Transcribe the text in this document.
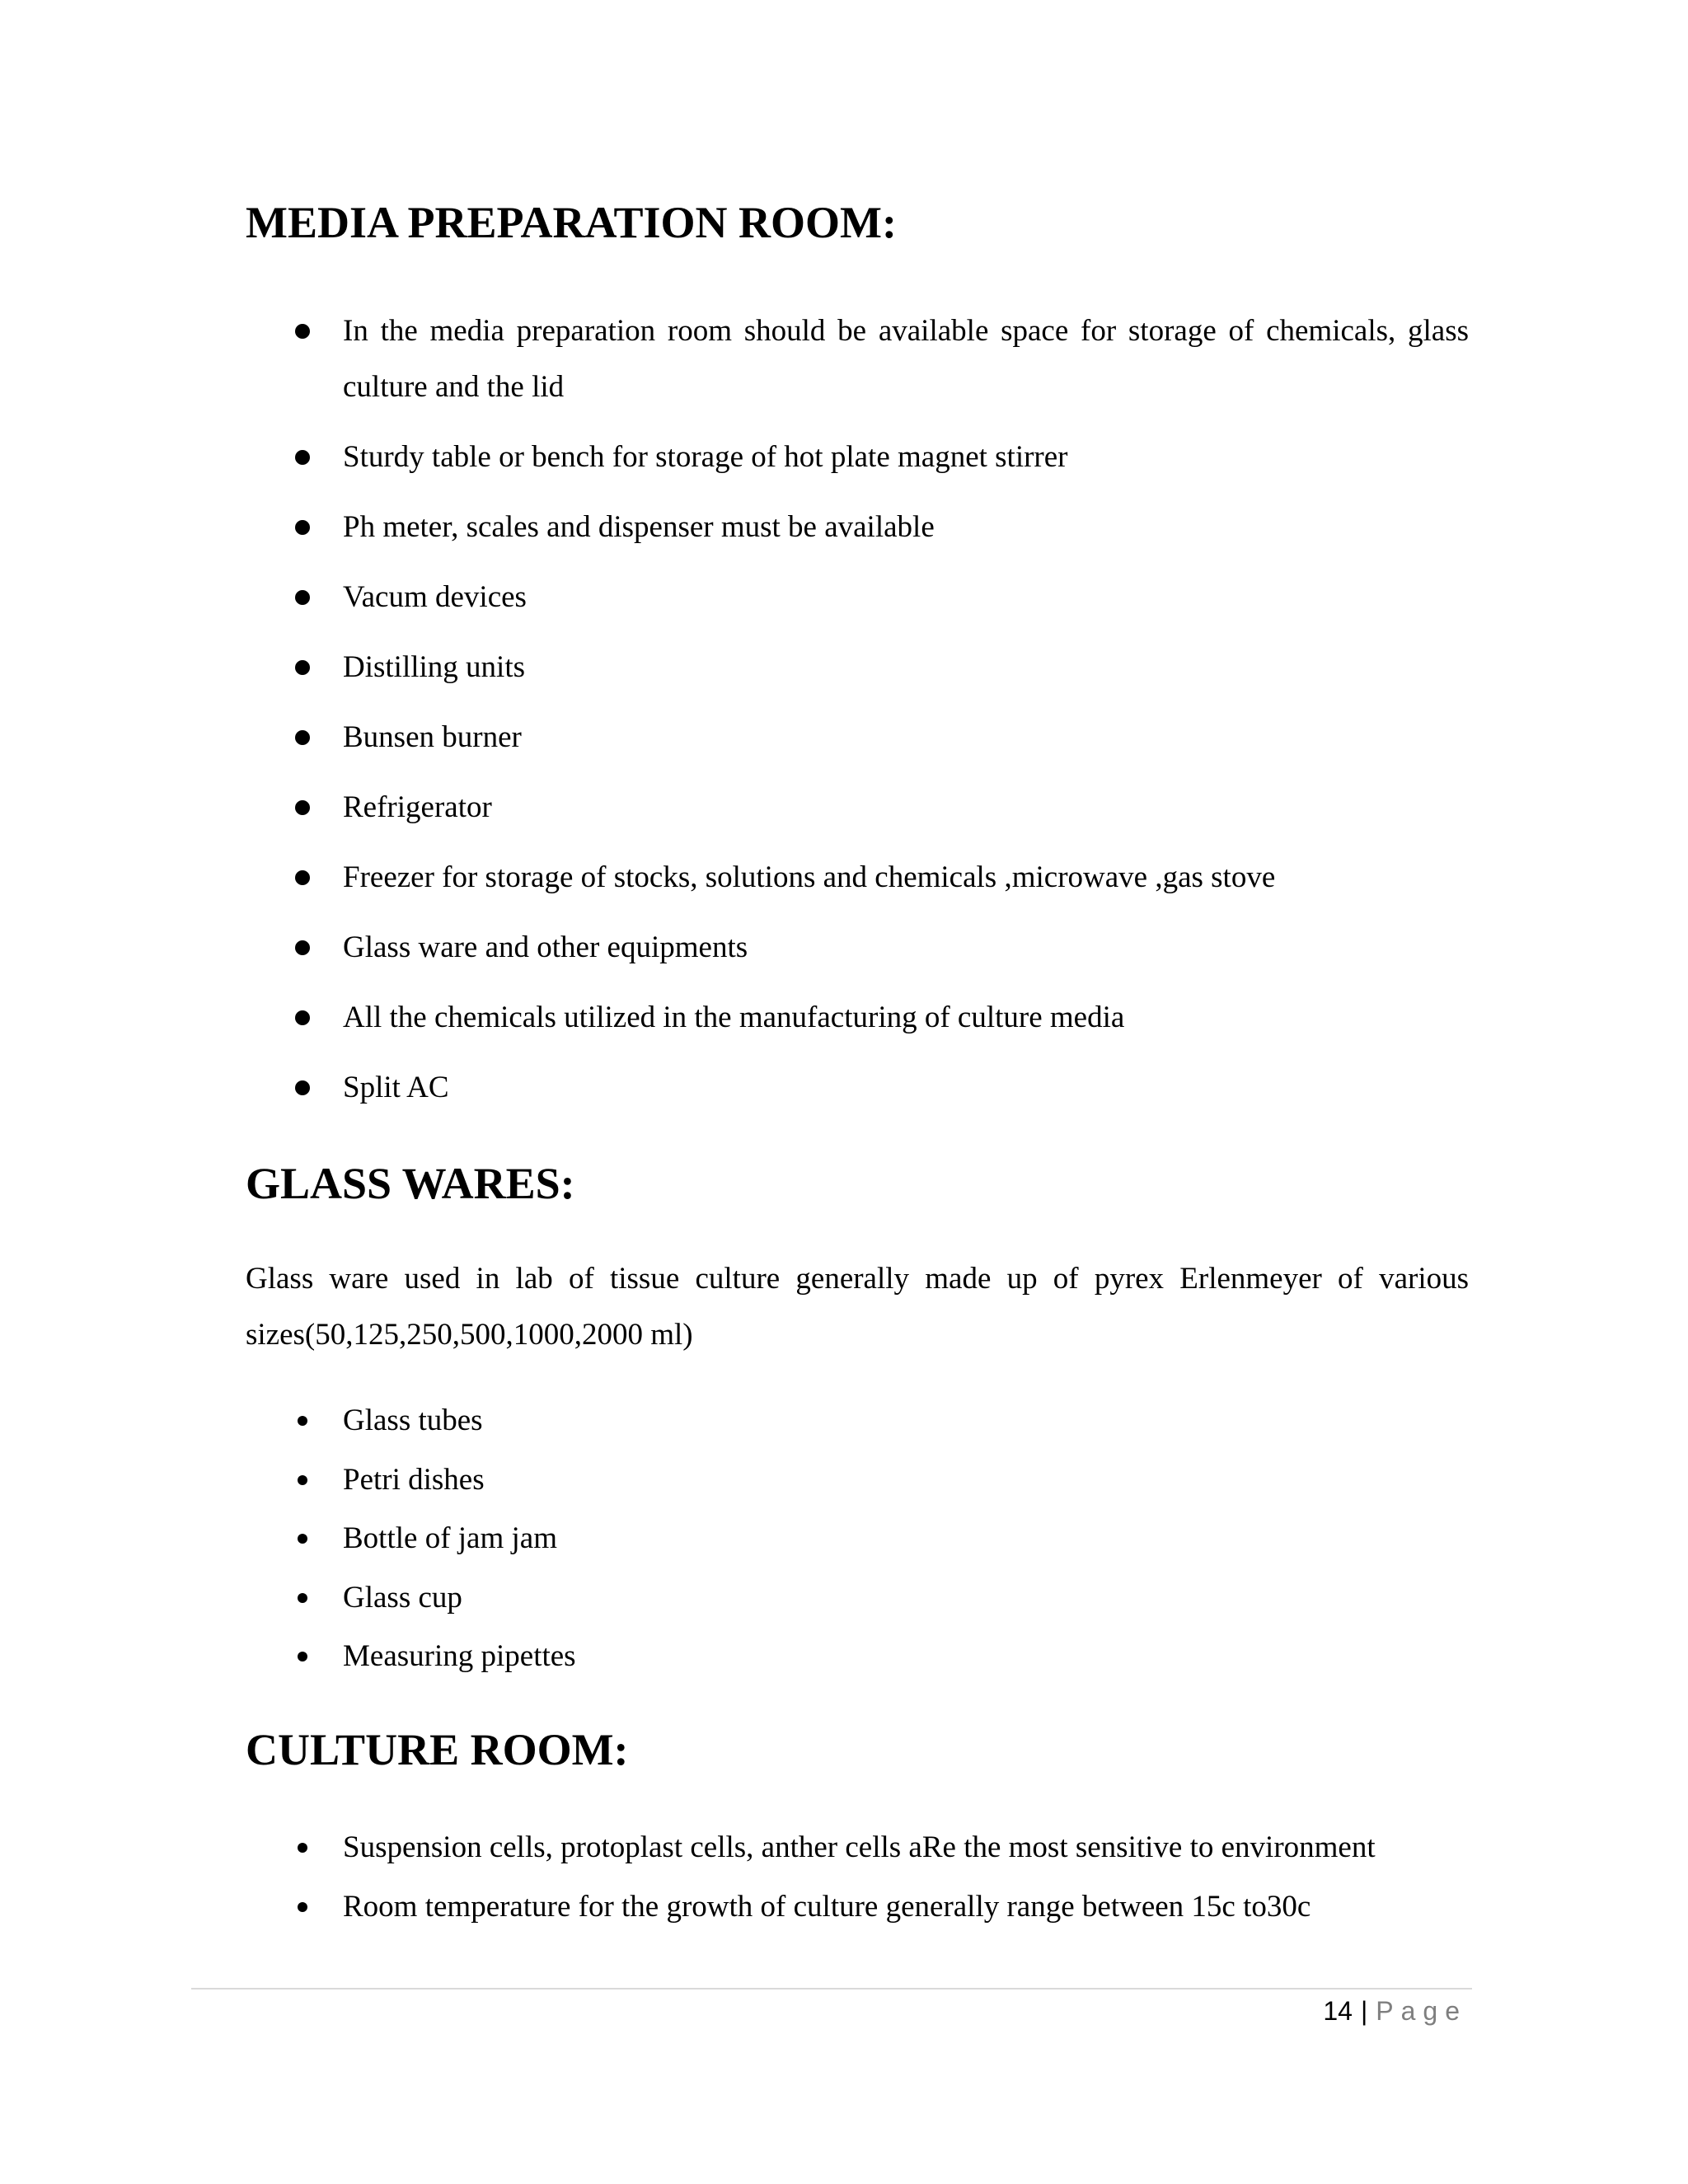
MEDIA PREPARATION ROOM:
In the media preparation room should be available space for storage of chemicals, glass culture and the lid
Sturdy table or bench for storage of hot plate magnet stirrer
Ph meter, scales and dispenser must be available
Vacum devices
Distilling units
Bunsen burner
Refrigerator
Freezer for storage of stocks, solutions and chemicals ,microwave ,gas stove
Glass ware and other equipments
All the chemicals utilized in the manufacturing of culture media
Split AC
GLASS WARES:

Glass ware used in lab of tissue culture generally made up of pyrex Erlenmeyer of various sizes(50,125,250,500,1000,2000 ml)

Glass tubes
Petri dishes
Bottle of jam jam
Glass cup
Measuring pipettes
CULTURE ROOM:
Suspension cells, protoplast cells, anther cells aRe the most sensitive to environment
Room temperature for the growth of culture generally range between 15c to30c
14 | Page
